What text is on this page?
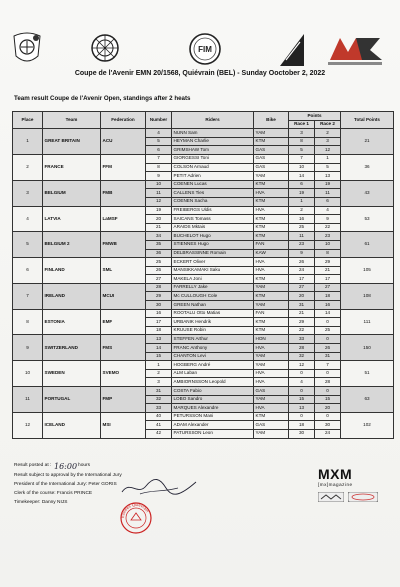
FIM
Coupe de l'Avenir EMN 20/1568, Quiévrain (BEL) - Sunday Ooctober 2, 2022
Team result Coupe de l'Avenir Open, standings after 2 heats
Place	Team	Federation	Number	Riders	Bike	Points		Total Points
						Race 1	Race 2	
1	GREAT BRITAIN	ACU	4	NUNN Sam	YAM	3	2	21
			5	HEYMAN Charlie	KTM	8	3	
			6	GRIMSHAW Tom	GAS	5	12	
2	FRANCE	FFM	7	GIORGESSI Toni	GAS	7	1	36
			8	COLSON Arnaud	GAS	10	5	
			9	PETIT Adrien	YAM	14	13	
3	BELGIUM	FMB	10	COENEN Lucas	KTM	6	19	43
			11	CALLENS Ties	HVA	19	11	
			12	COENEN Sacha	KTM	1	6	
4	LATVIA	LaMSF	19	FREIBERGS Uldis	HVA	2	4	53
			20	SAICANS Tomass	KTM	16	9	
			21	ARAIDS Mktais	KTM	25	22	
5	BELGIUM 2	FMWB	34	BUCHELOT Hugo	KTM	11	23	61
			35	STIENNES Hugo	FAN	23	10	
			36	DELBRASSINNE Romain	KAW	9	8	
6	FINLAND	SML	25	ECKERT Oliver	HVA	26	29	105
			26	MANSIKKAMAKI Saku	HVA	24	21	
			27	MAKELA Joni	KTM	17	17	
7	IRELAND	MCUI	28	FARRELLY Jake	YAM	27	27	108
			29	Mc CULLOUGH Cole	KTM	20	18	
			30	GREEN Nathan	YAM	31	16	
8	ESTONIA	EMF	16	ROOTALU Otto Matias	FAN	21	14	111
			17	URBANIK Hendrik	KTM	29	0	
			18	KRUUSE Robin	KTM	22	25	
9	SWITZERLAND	FMS	13	STEFFEN Arthur	HON	33	0	150
			14	FRANC Anthony	HVA	28	26	
			15	CHANTON Levi	YAM	32	31	
10	SWEDEN	SVEMO	1	HOGBERG André	YAM	12	7	51
			2	ALM Laban	HVA	0	0	
			3	AMBIORNSSON Leopold	HVA	4	28	
11	PORTUGAL	FMP	31	COSTA Fabio	GAS	0	0	63
			32	LOBO Sandro	YAM	15	15	
			33	MARQUES Alexandre	HVA	13	20	
12	ICELAND	MSI	40	PETURSSON Mani	KTM	0	0	102
			41	ADAM Alexander	GAS	18	30	
			42	PATURSSON Leon	YAM	30	24	
16:00
Result posted at :	hours
Result subject to approval by the International Jury
President of the International Jury: Peter GORIS
Clerk of the course: Francis PRINCE
Timekeeper: Danny NIJS
Estrées Quiévrain
MXM
[mx]magazine
